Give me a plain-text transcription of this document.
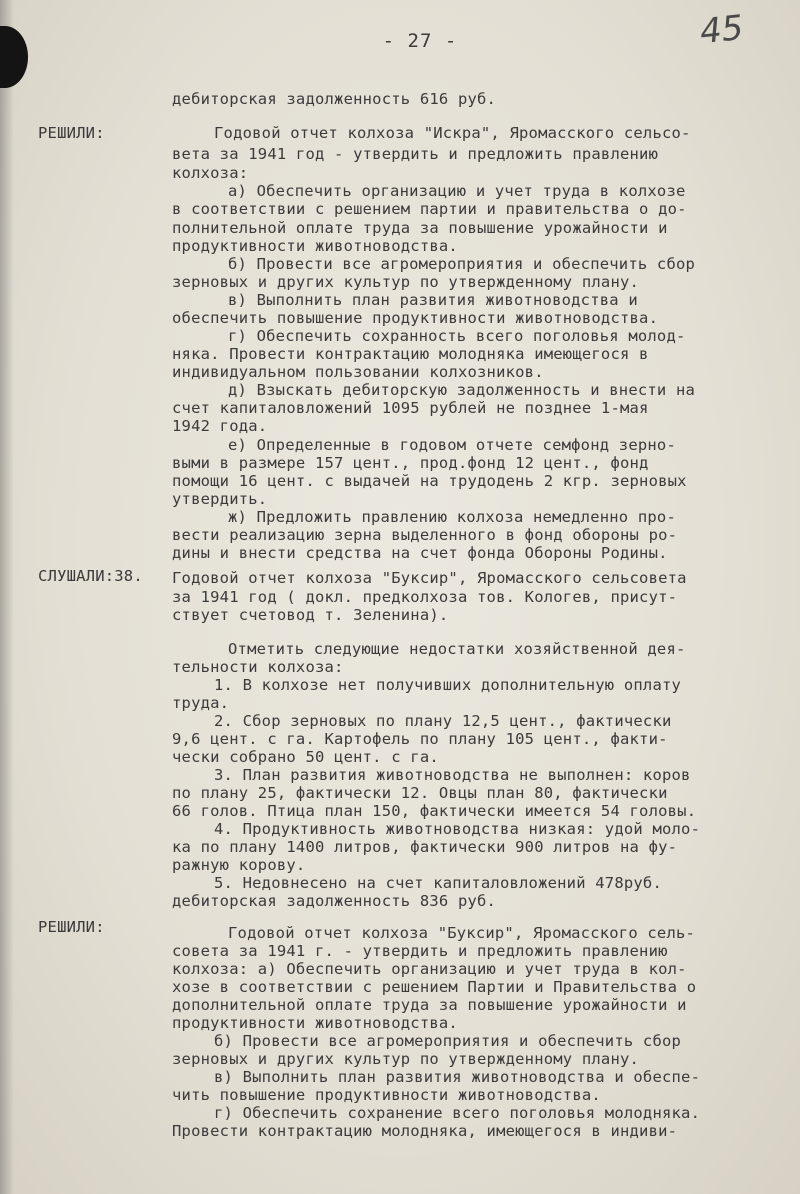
- 27 -	45
РЕШИЛИ:
СЛУШАЛИ:38.
РЕШИЛИ:
дебиторская задолженность 616 руб.
Годовой отчет колхоза "Искра", Яромасского сельсо-
вета за 1941 год - утвердить и предложить правлению
колхоза:
а) Обеспечить организацию и учет труда в колхозе
в соответствии с решением партии и правительства о до-
полнительной оплате труда за повышение урожайности и
продуктивности животноводства.
б) Провести все агромероприятия и обеспечить сбор
зерновых и других культур по утвержденному плану.
в) Выполнить план развития животноводства и
обеспечить повышение продуктивности животноводства.
г) Обеспечить сохранность всего поголовья молод-
няка. Провести контрактацию молодняка имеющегося в
индивидуальном пользовании колхозников.
д) Взыскать дебиторскую задолженность и внести на
счет капиталовложений 1095 рублей не позднее 1-мая
1942 года.
е) Определенные в годовом отчете семфонд зерно-
выми в размере 157 цент., прод.фонд 12 цент., фонд
помощи 16 цент. с выдачей на трудодень 2 кгр. зерновых
утвердить.
ж) Предложить правлению колхоза немедленно про-
вести реализацию зерна выделенного в фонд обороны ро-
дины и внести средства на счет фонда Обороны Родины.
Годовой отчет колхоза "Буксир", Яромасского сельсовета
за 1941 год ( докл. предколхоза тов. Кологев, присут-
ствует счетовод т. Зеленина).
Отметить следующие недостатки хозяйственной дея-
тельности колхоза:
1. В колхозе нет получивших дополнительную оплату
труда.
2. Сбор зерновых по плану 12,5 цент., фактически
9,6 цент. с га. Картофель по плану 105 цент., факти-
чески собрано 50 цент. с га.
3. План развития животноводства не выполнен: коров
по плану 25, фактически 12. Овцы план 80, фактически
66 голов. Птица план 150, фактически имеется 54 головы.
4. Продуктивность животноводства низкая: удой моло-
ка по плану 1400 литров, фактически 900 литров на фу-
ражную корову.
5. Недовнесено на счет капиталовложений 478руб.
дебиторская задолженность 836 руб.
Годовой отчет колхоза "Буксир", Яромасского сель-
совета за 1941 г. - утвердить и предложить правлению
колхоза: а) Обеспечить организацию и учет труда в кол-
хозе в соответствии с решением Партии и Правительства о
дополнительной оплате труда за повышение урожайности и
продуктивности животноводства.
б) Провести все агромероприятия и обеспечить сбор
зерновых и других культур по утвержденному плану.
в) Выполнить план развития животноводства и обеспе-
чить повышение продуктивности животноводства.
г) Обеспечить сохранение всего поголовья молодняка.
Провести контрактацию молодняка, имеющегося в индиви-
